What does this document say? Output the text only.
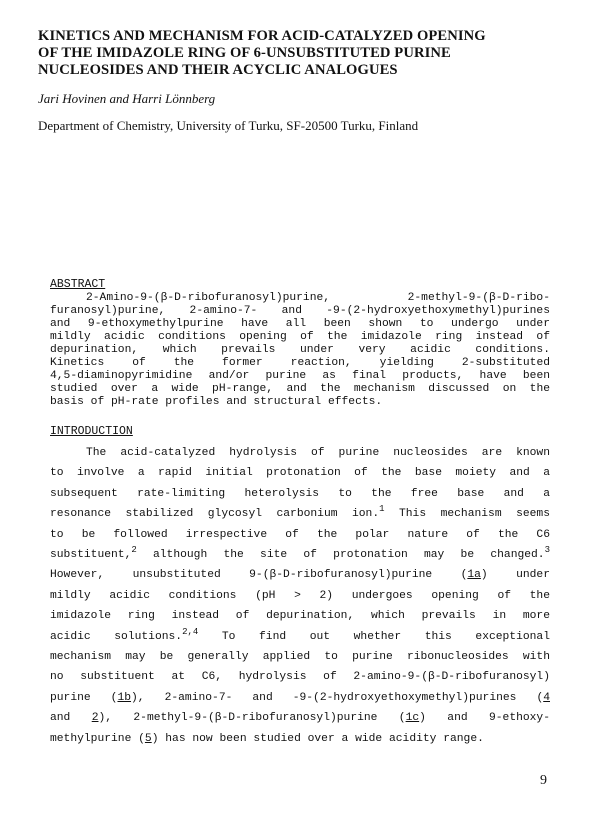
KINETICS AND MECHANISM FOR ACID-CATALYZED OPENING
OF THE IMIDAZOLE RING OF 6-UNSUBSTITUTED PURINE
NUCLEOSIDES AND THEIR ACYCLIC ANALOGUES
Jari Hovinen and Harri Lönnberg
Department of Chemistry, University of Turku, SF-20500 Turku, Finland
ABSTRACT
2-Amino-9-(β-D-ribofuranosyl)purine, 2-methyl-9-(β-D-ribo-
furanosyl)purine, 2-amino-7- and -9-(2-hydroxyethoxymethyl)purines
and 9-ethoxymethylpurine have all been shown to undergo under
mildly acidic conditions opening of the imidazole ring instead of
depurination, which prevails under very acidic conditions.
Kinetics of the former reaction, yielding 2-substituted
4,5-diaminopyrimidine and/or purine as final products, have been
studied over a wide pH-range, and the mechanism discussed on the
basis of pH-rate profiles and structural effects.
INTRODUCTION
The acid-catalyzed hydrolysis of purine nucleosides are known
to involve a rapid initial protonation of the base moiety and a
subsequent rate-limiting heterolysis to the free base and a
resonance stabilized glycosyl carbonium ion.$^1$ This mechanism seems
to be followed irrespective of the polar nature of the C6
substituent,$^2$ although the site of protonation may be changed.$^3$
However, unsubstituted 9-(β-D-ribofuranosyl)purine (1a) under
mildly acidic conditions (pH > 2) undergoes opening of the
imidazole ring instead of depurination, which prevails in more
acidic solutions.$^{2,4}$ To find out whether this exceptional
mechanism may be generally applied to purine ribonucleosides with
no substituent at C6, hydrolysis of 2-amino-9-(β-D-ribofuranosyl)
purine (1b), 2-amino-7- and -9-(2-hydroxyethoxymethyl)purines (4
and 2), 2-methyl-9-(β-D-ribofuranosyl)purine (1c) and 9-ethoxy-
methylpurine (5) has now been studied over a wide acidity range.
9
